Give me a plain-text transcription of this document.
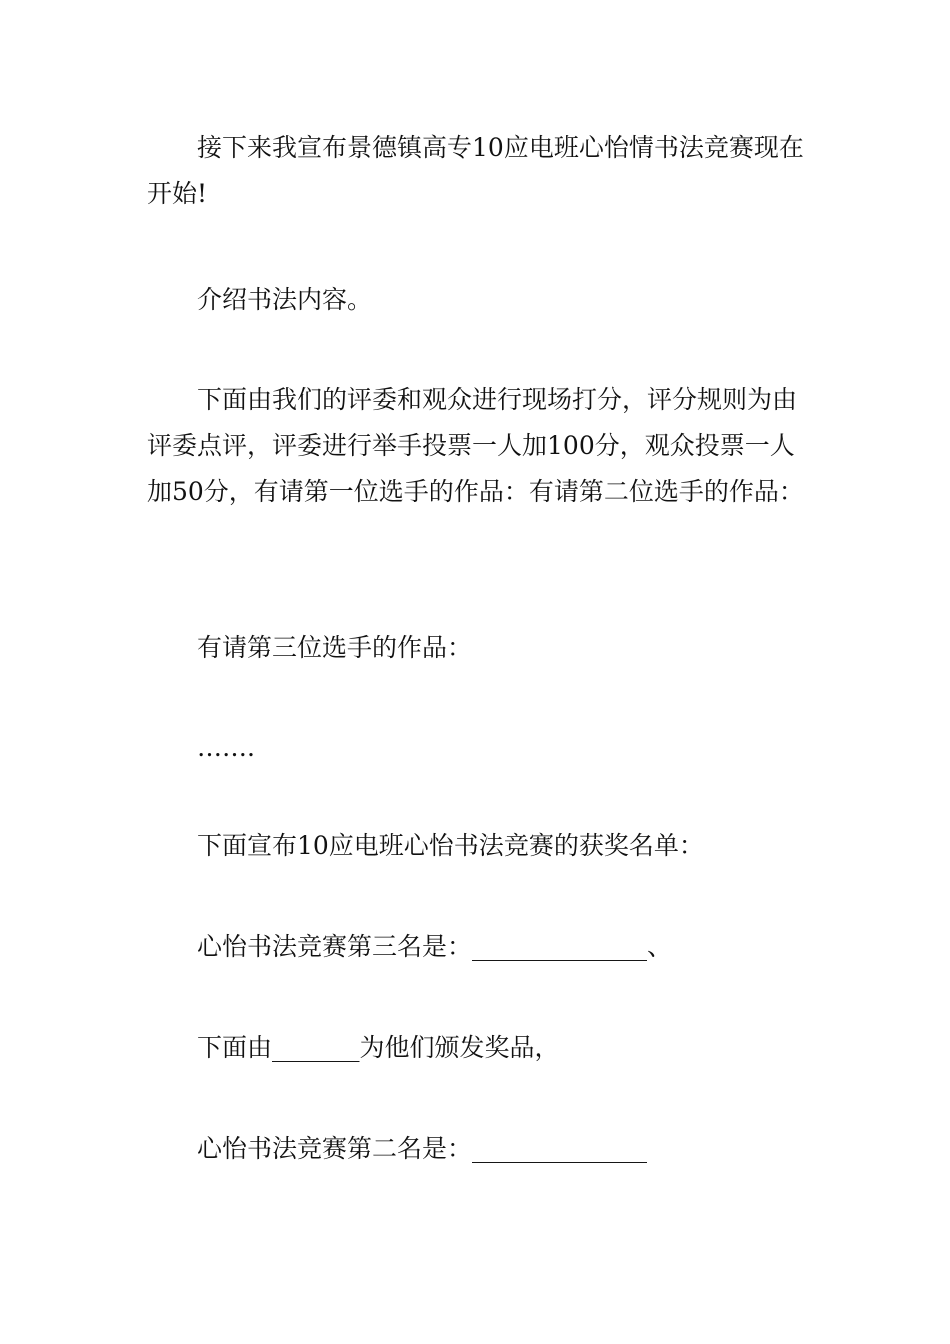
接下来我宣布景德镇高专10应电班心怡情书法竞赛现在开始!

介绍书法内容。

下面由我们的评委和观众进行现场打分，评分规则为由评委点评，评委进行举手投票一人加100分，观众投票一人加50分，有请第一位选手的作品：有请第二位选手的作品：

有请第三位选手的作品：

…….

下面宣布10应电班心怡书法竞赛的获奖名单：

心怡书法竞赛第三名是：______________、

下面由_______为他们颁发奖品，

心怡书法竞赛第二名是：______________
